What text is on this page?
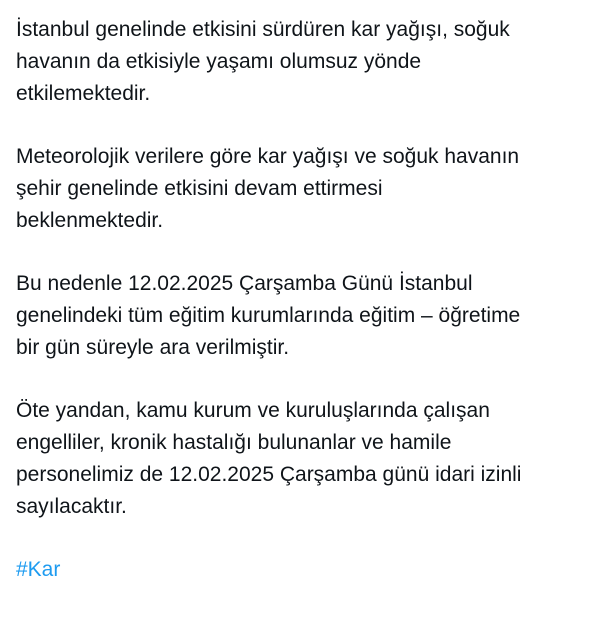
İstanbul genelinde etkisini sürdüren kar yağışı, soğuk
havanın da etkisiyle yaşamı olumsuz yönde
etkilemektedir.

Meteorolojik verilere göre kar yağışı ve soğuk havanın
şehir genelinde etkisini devam ettirmesi
beklenmektedir.

Bu nedenle 12.02.2025 Çarşamba Günü İstanbul
genelindeki tüm eğitim kurumlarında eğitim – öğretime
bir gün süreyle ara verilmiştir.

Öte yandan, kamu kurum ve kuruluşlarında çalışan
engelliler, kronik hastalığı bulunanlar ve hamile
personelimiz de 12.02.2025 Çarşamba günü idari izinli
sayılacaktır.

#Kar
